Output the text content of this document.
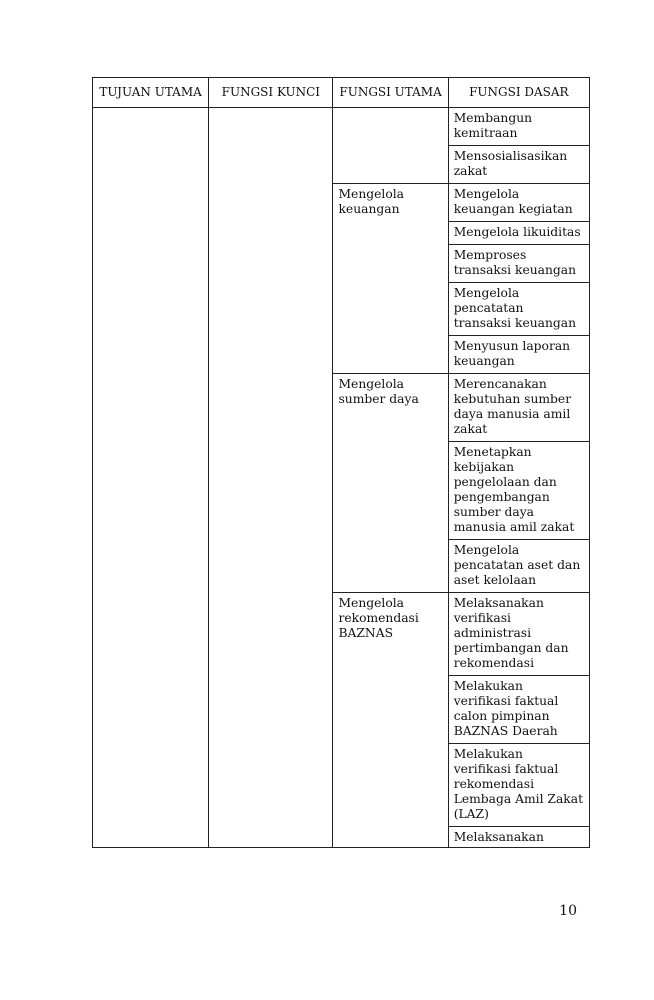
TUJUAN UTAMA	FUNGSI KUNCI	FUNGSI UTAMA	FUNGSI DASAR
			Membangun kemitraan
			Mensosialisasikan zakat
		Mengelola keuangan	Mengelola keuangan kegiatan
			Mengelola likuiditas
			Memproses transaksi keuangan
			Mengelola pencatatan transaksi keuangan
			Menyusun laporan keuangan
		Mengelola sumber daya	Merencanakan kebutuhan sumber daya manusia amil zakat
			Menetapkan kebijakan pengelolaan dan pengembangan sumber daya manusia amil zakat
			Mengelola pencatatan aset dan aset kelolaan
		Mengelola rekomendasi BAZNAS	Melaksanakan verifikasi administrasi pertimbangan dan rekomendasi
			Melakukan verifikasi faktual calon pimpinan BAZNAS Daerah
			Melakukan verifikasi faktual rekomendasi Lembaga Amil Zakat (LAZ)
			Melaksanakan
10
